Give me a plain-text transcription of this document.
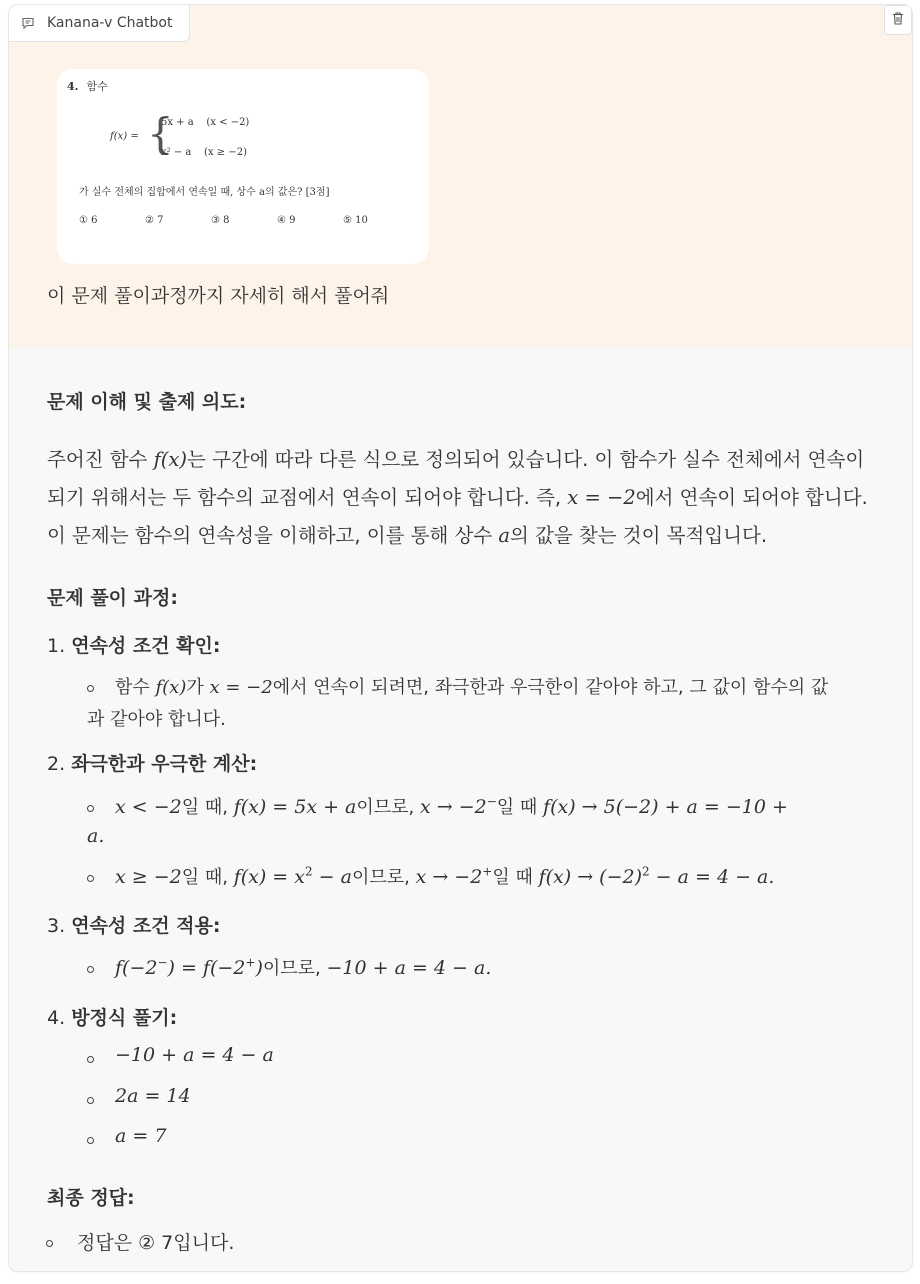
Kanana-v Chatbot
4. 함수
f(x) = {
5x + a    (x < −2)
x² − a    (x ≥ −2)
가 실수 전체의 집합에서 연속일 때, 상수 a의 값은? [3점]
① 6	② 7	③ 8	④ 9	⑤ 10
이 문제 풀이과정까지 자세히 해서 풀어줘
문제 이해 및 출제 의도:
주어진 함수 f(x)는 구간에 따라 다른 식으로 정의되어 있습니다. 이 함수가 실수 전체에서 연속이 되기 위해서는 두 함수의 교점에서 연속이 되어야 합니다. 즉, x = −2에서 연속이 되어야 합니다. 이 문제는 함수의 연속성을 이해하고, 이를 통해 상수 a의 값을 찾는 것이 목적입니다.
문제 풀이 과정:
1. 연속성 조건 확인:
함수 f(x)가 x = −2에서 연속이 되려면, 좌극한과 우극한이 같아야 하고, 그 값이 함수의 값
과 같아야 합니다.
2. 좌극한과 우극한 계산:
x < −2일 때, f(x) = 5x + a이므로, x → −2−일 때 f(x) → 5(−2) + a = −10 +
a.
x ≥ −2일 때, $f(x) = x^2 - a$이므로, x → −2+일 때 $f(x) \to (-2)^2 - a = 4 - a$.
3. 연속성 조건 적용:
f(−2−) = f(−2+)이므로, −10 + a = 4 − a.
4. 방정식 풀기:
−10 + a = 4 − a
2a = 14
a = 7
최종 정답:
정답은 ② 7입니다.
